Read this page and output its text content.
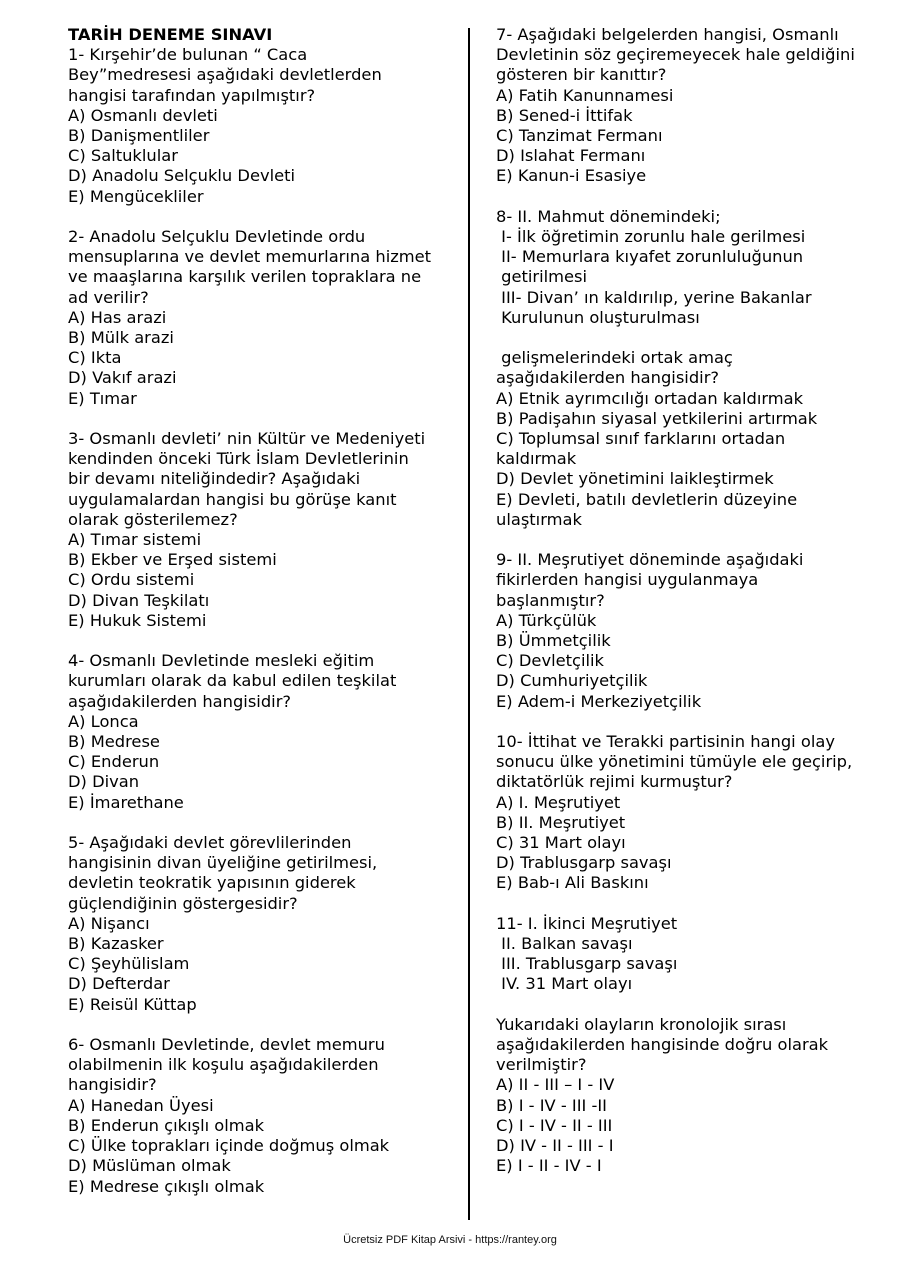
TARİH DENEME SINAVI
1- Kırşehir’de bulunan “ Caca
Bey”medresesi aşağıdaki devletlerden
hangisi tarafından yapılmıştır?
A) Osmanlı devleti
B) Danişmentliler
C) Saltuklular
D) Anadolu Selçuklu Devleti
E) Mengücekliler
2- Anadolu Selçuklu Devletinde ordu
mensuplarına ve devlet memurlarına hizmet
ve maaşlarına karşılık verilen topraklara ne
ad verilir?
A) Has arazi
B) Mülk arazi
C) Ikta
D) Vakıf arazi
E) Tımar
3- Osmanlı devleti’ nin Kültür ve Medeniyeti
kendinden önceki Türk İslam Devletlerinin
bir devamı niteliğindedir? Aşağıdaki
uygulamalardan hangisi bu görüşe kanıt
olarak gösterilemez?
A) Tımar sistemi
B) Ekber ve Erşed sistemi
C) Ordu sistemi
D) Divan Teşkilatı
E) Hukuk Sistemi
4- Osmanlı Devletinde mesleki eğitim
kurumları olarak da kabul edilen teşkilat
aşağıdakilerden hangisidir?
A) Lonca
B) Medrese
C) Enderun
D) Divan
E) İmarethane
5- Aşağıdaki devlet görevlilerinden
hangisinin divan üyeliğine getirilmesi,
devletin teokratik yapısının giderek
güçlendiğinin göstergesidir?
A) Nişancı
B) Kazasker
C) Şeyhülislam
D) Defterdar
E) Reisül Küttap
6- Osmanlı Devletinde, devlet memuru
olabilmenin ilk koşulu aşağıdakilerden
hangisidir?
A) Hanedan Üyesi
B) Enderun çıkışlı olmak
C) Ülke toprakları içinde doğmuş olmak
D) Müslüman olmak
E) Medrese çıkışlı olmak
7- Aşağıdaki belgelerden hangisi, Osmanlı
Devletinin söz geçiremeyecek hale geldiğini
gösteren bir kanıttır?
A) Fatih Kanunnamesi
B) Sened-i İttifak
C) Tanzimat Fermanı
D) Islahat Fermanı
E) Kanun-i Esasiye
8- II. Mahmut dönemindeki;
I- İlk öğretimin zorunlu hale gerilmesi
II- Memurlara kıyafet zorunluluğunun
getirilmesi
III- Divan’ ın kaldırılıp, yerine Bakanlar
Kurulunun oluşturulması
gelişmelerindeki ortak amaç
aşağıdakilerden hangisidir?
A) Etnik ayrımcılığı ortadan kaldırmak
B) Padişahın siyasal yetkilerini artırmak
C) Toplumsal sınıf farklarını ortadan
kaldırmak
D) Devlet yönetimini laikleştirmek
E) Devleti, batılı devletlerin düzeyine
ulaştırmak
9- II. Meşrutiyet döneminde aşağıdaki
fikirlerden hangisi uygulanmaya
başlanmıştır?
A) Türkçülük
B) Ümmetçilik
C) Devletçilik
D) Cumhuriyetçilik
E) Adem-i Merkeziyetçilik
10- İttihat ve Terakki partisinin hangi olay
sonucu ülke yönetimini tümüyle ele geçirip,
diktatörlük rejimi kurmuştur?
A) I. Meşrutiyet
B) II. Meşrutiyet
C) 31 Mart olayı
D) Trablusgarp savaşı
E) Bab-ı Ali Baskını
11- I. İkinci Meşrutiyet
II. Balkan savaşı
III. Trablusgarp savaşı
IV. 31 Mart olayı
Yukarıdaki olayların kronolojik sırası
aşağıdakilerden hangisinde doğru olarak
verilmiştir?
A) II - III – I - IV
B) I - IV - III -II
C) I - IV - II - III
D) IV - II - III - I
E) I - II - IV - I
Ücretsiz PDF Kitap Arsivi - https://rantey.org
